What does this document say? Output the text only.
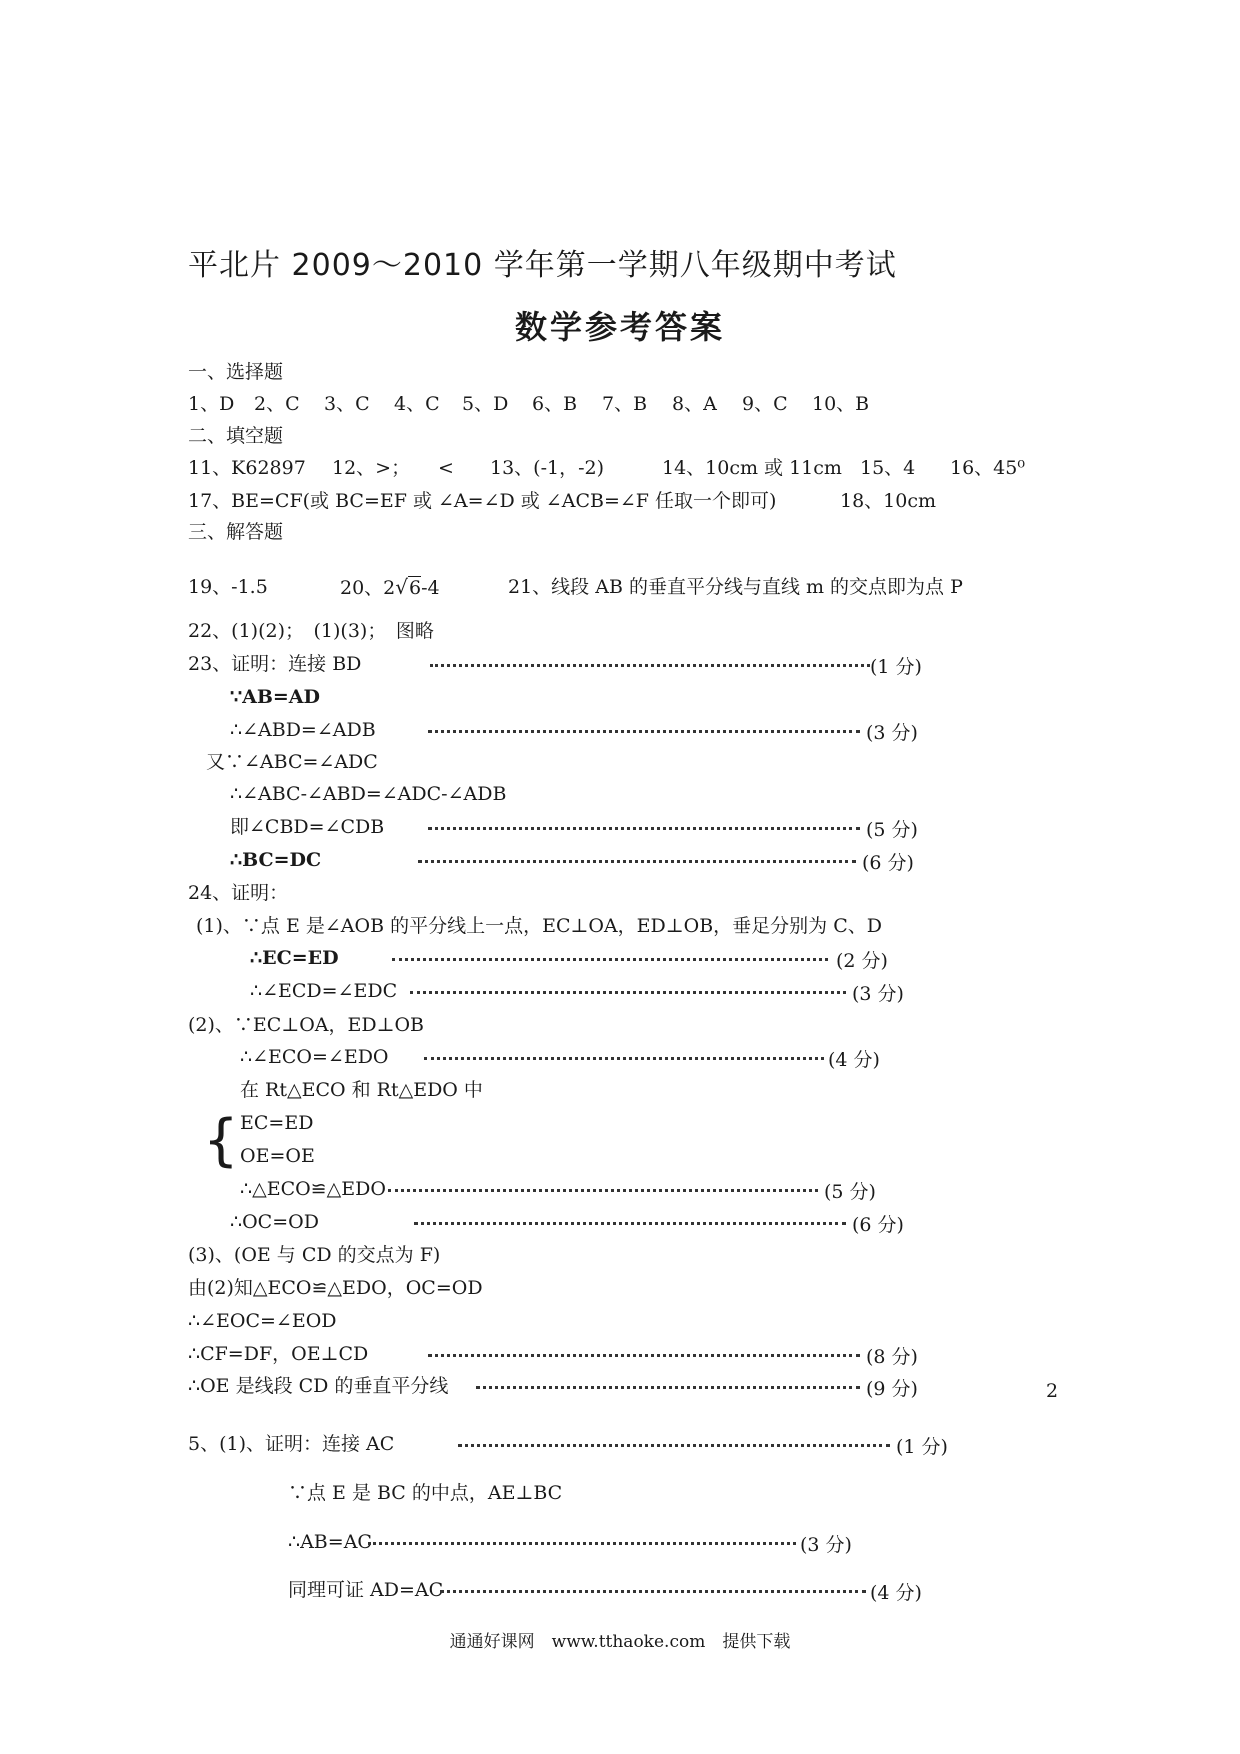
平北片 2009～2010 学年第一学期八年级期中考试
数学参考答案
一、选择题
1、D 2、C 3、C 4、C 5、D 6、B 7、B 8、A 9、C 10、B
二、填空题
11、K62897 12、>； < 13、(-1，-2)	14、10cm 或 11cm 15、4 16、45⁰
17、BE=CF(或 BC=EF 或 ∠A=∠D 或 ∠ACB=∠F 任取一个即可)	18、10cm
三、解答题
19、-1.5	20、2√6-4	21、线段 AB 的垂直平分线与直线 m 的交点即为点 P
22、(1)(2)；　(1)(3)；　图略
23、证明：连接 BD	(1 分)
∵AB=AD
∴∠ABD=∠ADB	(3 分)
又∵∠ABC=∠ADC
∴∠ABC-∠ABD=∠ADC-∠ADB
即∠CBD=∠CDB	(5 分)
∴BC=DC	(6 分)
24、证明：
(1)、∵点 E 是∠AOB 的平分线上一点，EC⊥OA，ED⊥OB，垂足分别为 C、D
∴EC=ED	(2 分)
∴∠ECD=∠EDC	(3 分)
(2)、∵EC⊥OA，ED⊥OB
∴∠ECO=∠EDO	(4 分)
在 Rt△ECO 和 Rt△EDO 中
{ EC=ED
OE=OE
∴△ECO≌△EDO	(5 分)
∴OC=OD	(6 分)
(3)、(OE 与 CD 的交点为 F)
由(2)知△ECO≌△EDO，OC=OD
∴∠EOC=∠EOD
∴CF=DF，OE⊥CD	(8 分)
∴OE 是线段 CD 的垂直平分线	(9 分)	2
5、(1)、证明：连接 AC	(1 分)
∵点 E 是 BC 的中点，AE⊥BC
∴AB=AC	(3 分)
同理可证 AD=AC	(4 分)
通通好课网　www.tthaoke.com　提供下载
